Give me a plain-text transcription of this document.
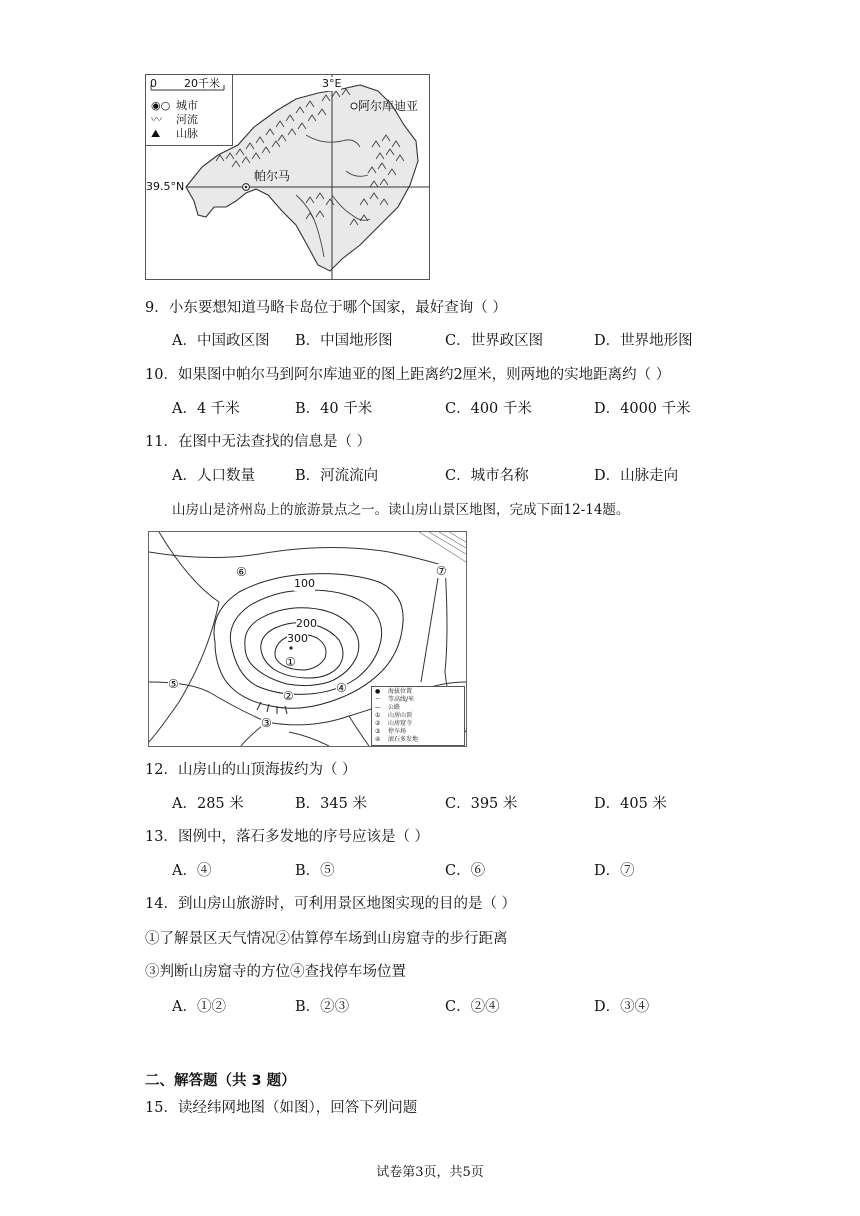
0 20千米
◉○ 城市
〰 河流
⛰ 山脉
3°E
39.5°N
阿尔库迪亚
帕尔马
9．小东要想知道马略卡岛位于哪个国家，最好查询（ ）
A．中国政区图 B．中国地形图	C．世界政区图	D．世界地形图
10．如果图中帕尔马到阿尔库迪亚的图上距离约2厘米，则两地的实地距离约（ ）
A．4 千米	B．40 千米	C．400 千米	D．4000 千米
11．在图中无法查找的信息是（ ）
A．人口数量	B．河流流向	C．城市名称	D．山脉走向
山房山是济州岛上的旅游景点之一。读山房山景区地图，完成下面12-14题。
100
200
300
①
②
③
④
⑤
⑥	⑦
● 海拔位置
〜 等高线/米
— 公路
① 山房山顶
② 山房窟寺
③ 停车场
④ 滚石多发地
12．山房山的山顶海拔约为（ ）
A．285 米	B．345 米	C．395 米	D．405 米
13．图例中，落石多发地的序号应该是（ ）
A．④	B．⑤	C．⑥	D．⑦
14．到山房山旅游时，可利用景区地图实现的目的是（ ）
①了解景区天气情况②估算停车场到山房窟寺的步行距离
③判断山房窟寺的方位④查找停车场位置
A．①②	B．②③	C．②④	D．③④
二、解答题（共 3 题）
15．读经纬网地图（如图），回答下列问题
试卷第3页，共5页
